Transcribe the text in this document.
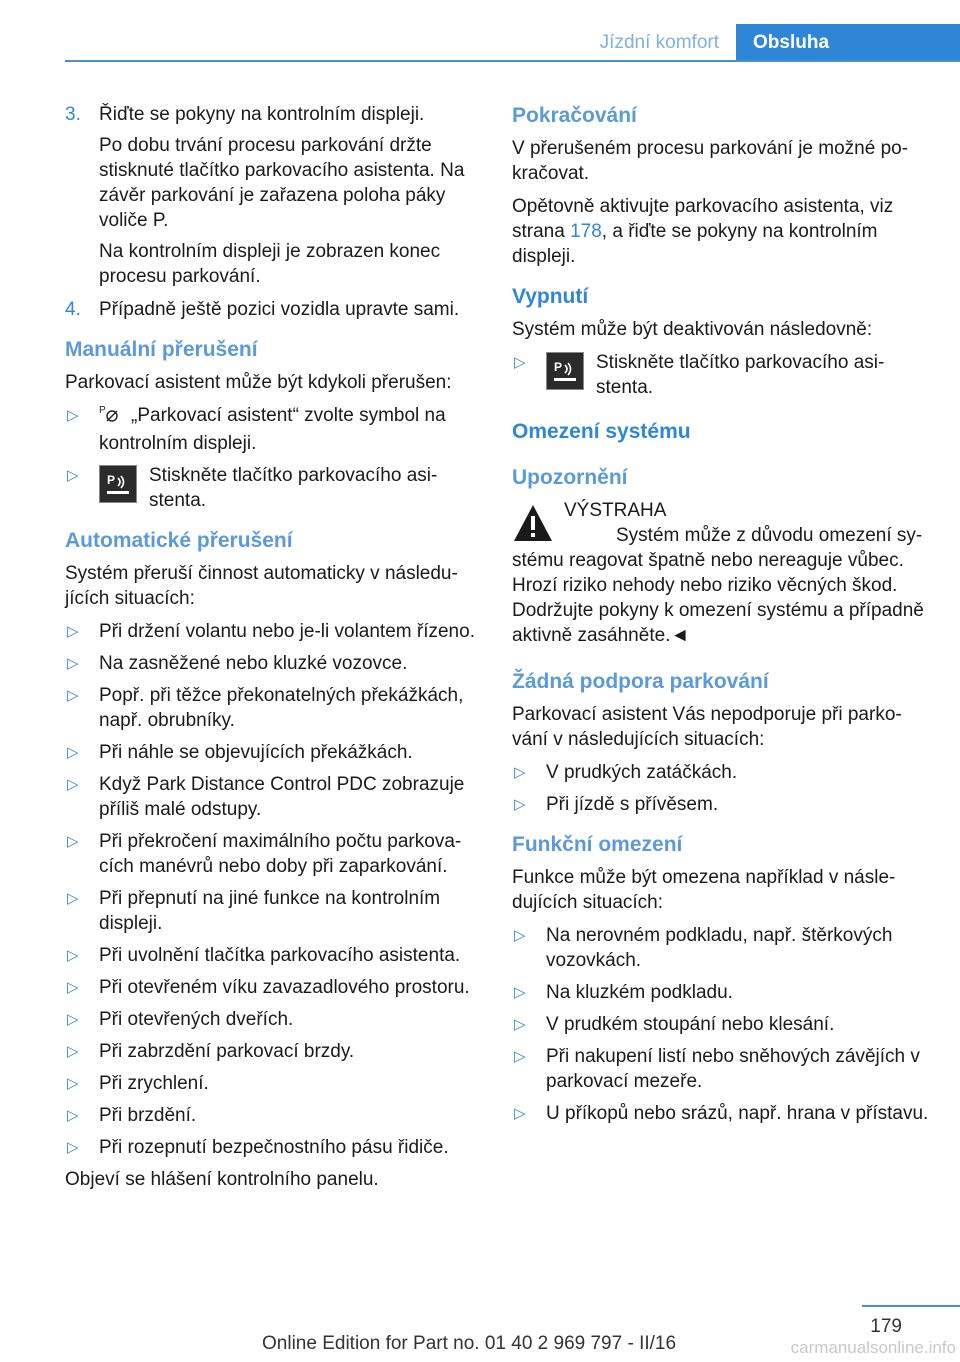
Jízdní komfort	Obsluha
3. Řiďte se pokyny na kontrolním displeji.

Po dobu trvání procesu parkování držte stisknuté tlačítko parkovacího asistenta. Na závěr parkování je zařazena poloha páky voliče P.

Na kontrolním displeji je zobrazen konec procesu parkování.

4. Případně ještě pozici vozidla upravte sami.

Manuální přerušení

Parkovací asistent může být kdykoli přerušen:

▷ P „Parkovací asistent“ zvolte symbol na kontrolním displeji.
▷ P Stiskněte tlačítko parkovacího asistenta.
Automatické přerušení

Systém přeruší činnost automaticky v následujících situacích:

▷ Při držení volantu nebo je-li volantem řízeno.
▷ Na zasněžené nebo kluzké vozovce.
▷ Popř. při těžce překonatelných překážkách, např. obrubníky.
▷ Při náhle se objevujících překážkách.
▷ Když Park Distance Control PDC zobrazuje příliš malé odstupy.
▷ Při překročení maximálního počtu parkovacích manévrů nebo doby při zaparkování.
▷ Při přepnutí na jiné funkce na kontrolním displeji.
▷ Při uvolnění tlačítka parkovacího asistenta.
▷ Při otevřeném víku zavazadlového prostoru.
▷ Při otevřených dveřích.
▷ Při zabrzdění parkovací brzdy.
▷ Při zrychlení.
▷ Při brzdění.
▷ Při rozepnutí bezpečnostního pásu řidiče.

Objeví se hlášení kontrolního panelu.

Pokračování

V přerušeném procesu parkování je možné pokračovat.

Opětovně aktivujte parkovacího asistenta, viz strana 178, a řiďte se pokyny na kontrolním displeji.

Vypnutí

Systém může být deaktivován následovně:

▷ P Stiskněte tlačítko parkovacího asistenta.
Omezení systému
Upozornění

VÝSTRAHA

Systém může z důvodu omezení systému reagovat špatně nebo nereaguje vůbec. Hrozí riziko nehody nebo riziko věcných škod. Dodržujte pokyny k omezení systému a případně aktivně zasáhněte.◄

Žádná podpora parkování

Parkovací asistent Vás nepodporuje při parkování v následujících situacích:

▷ V prudkých zatáčkách.
▷ Při jízdě s přívěsem.
Funkční omezení

Funkce může být omezena například v následujících situacích:

▷ Na nerovném podkladu, např. štěrkových vozovkách.
▷ Na kluzkém podkladu.
▷ V prudkém stoupání nebo klesání.
▷ Při nakupení listí nebo sněhových závějích v parkovací mezeře.
▷ U příkopů nebo srázů, např. hrana v přístavu.
179
Online Edition for Part no. 01 40 2 969 797 - II/16	carmanualsonline.info
